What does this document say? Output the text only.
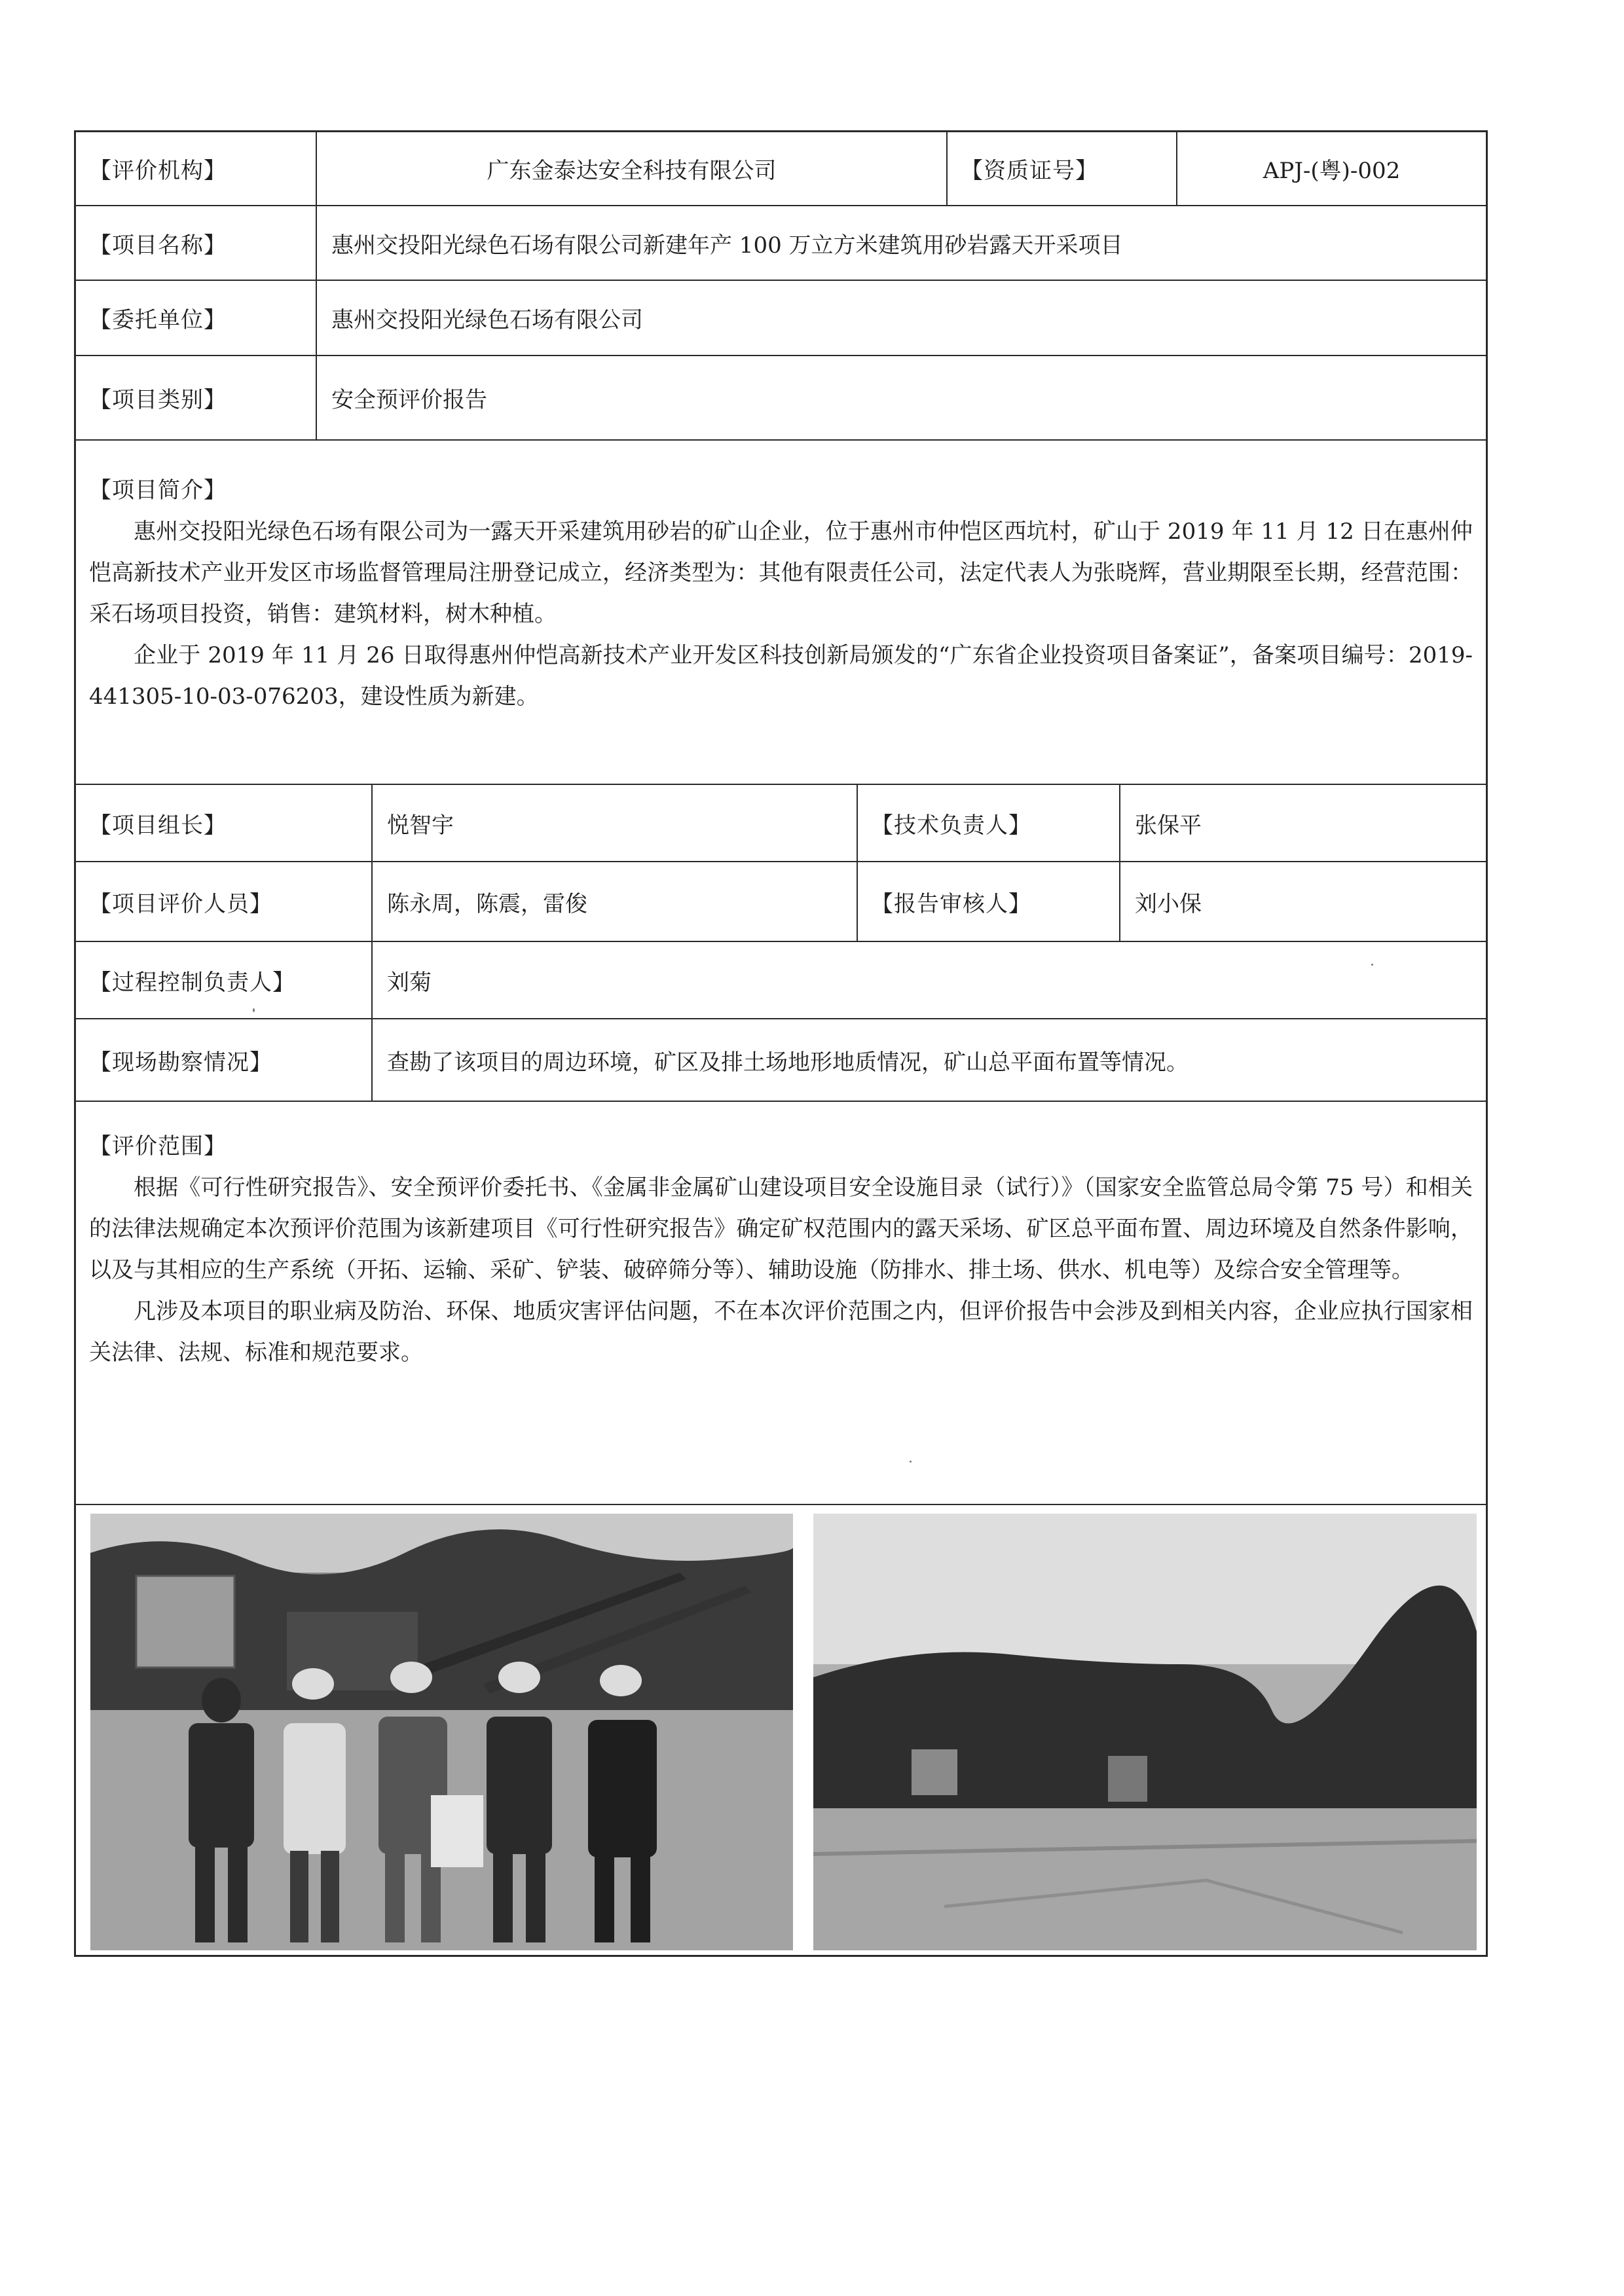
【评价机构】	广东金泰达安全科技有限公司	【资质证号】	APJ-(粤)-002
【项目名称】	惠州交投阳光绿色石场有限公司新建年产 100 万立方米建筑用砂岩露天开采项目
【委托单位】	惠州交投阳光绿色石场有限公司
【项目类别】	安全预评价报告
【项目简介】

惠州交投阳光绿色石场有限公司为一露天开采建筑用砂岩的矿山企业，位于惠州市仲恺区西坑村，矿山于 2019 年 11 月 12 日在惠州仲恺高新技术产业开发区市场监督管理局注册登记成立，经济类型为：其他有限责任公司，法定代表人为张晓辉，营业期限至长期，经营范围：采石场项目投资，销售：建筑材料，树木种植。

企业于 2019 年 11 月 26 日取得惠州仲恺高新技术产业开发区科技创新局颁发的“广东省企业投资项目备案证”，备案项目编号：2019-441305-10-03-076203，建设性质为新建。

【项目组长】	悦智宇	【技术负责人】	张保平
【项目评价人员】	陈永周，陈震，雷俊	【报告审核人】	刘小保
【过程控制负责人】	刘菊
【现场勘察情况】	查勘了该项目的周边环境，矿区及排土场地形地质情况，矿山总平面布置等情况。
【评价范围】

根据《可行性研究报告》、安全预评价委托书、《金属非金属矿山建设项目安全设施目录（试行）》（国家安全监管总局令第 75 号）和相关的法律法规确定本次预评价范围为该新建项目《可行性研究报告》确定矿权范围内的露天采场、矿区总平面布置、周边环境及自然条件影响，以及与其相应的生产系统（开拓、运输、采矿、铲装、破碎筛分等）、辅助设施（防排水、排土场、供水、机电等）及综合安全管理等。

凡涉及本项目的职业病及防治、环保、地质灾害评估问题，不在本次评价范围之内，但评价报告中会涉及到相关内容，企业应执行国家相关法律、法规、标准和规范要求。
